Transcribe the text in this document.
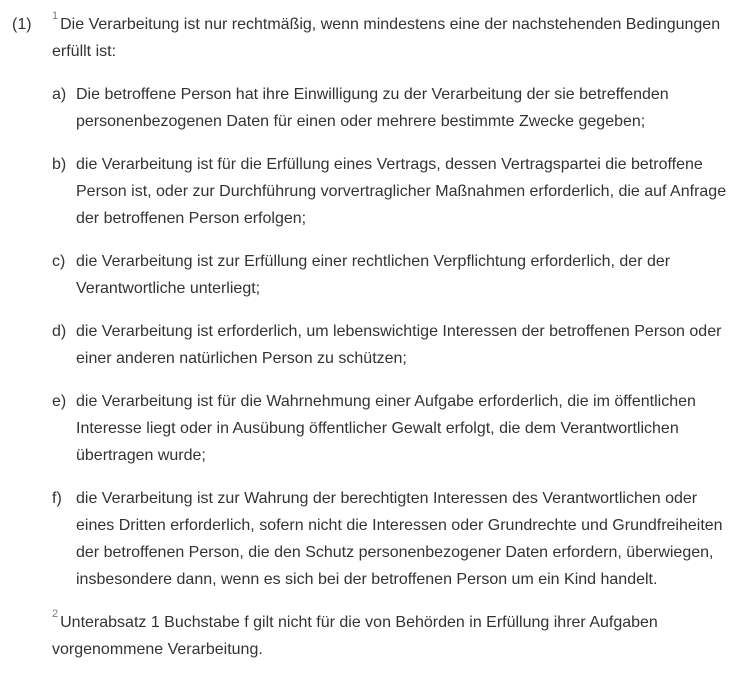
(1) $^1$ Die Verarbeitung ist nur rechtmäßig, wenn mindestens eine der nachstehenden Bedingungen erfüllt ist:

a) Die betroffene Person hat ihre Einwilligung zu der Verarbeitung der sie betreffenden personenbezogenen Daten für einen oder mehrere bestimmte Zwecke gegeben;
b) die Verarbeitung ist für die Erfüllung eines Vertrags, dessen Vertragspartei die betroffene Person ist, oder zur Durchführung vorvertraglicher Maßnahmen erforderlich, die auf Anfrage der betroffenen Person erfolgen;
c) die Verarbeitung ist zur Erfüllung einer rechtlichen Verpflichtung erforderlich, der der Verantwortliche unterliegt;
d) die Verarbeitung ist erforderlich, um lebenswichtige Interessen der betroffenen Person oder einer anderen natürlichen Person zu schützen;
e) die Verarbeitung ist für die Wahrnehmung einer Aufgabe erforderlich, die im öffentlichen Interesse liegt oder in Ausübung öffentlicher Gewalt erfolgt, die dem Verantwortlichen übertragen wurde;
f) die Verarbeitung ist zur Wahrung der berechtigten Interessen des Verantwortlichen oder eines Dritten erforderlich, sofern nicht die Interessen oder Grundrechte und Grundfreiheiten der betroffenen Person, die den Schutz personenbezogener Daten erfordern, überwiegen, insbesondere dann, wenn es sich bei der betroffenen Person um ein Kind handelt.

$^2$ Unterabsatz 1 Buchstabe f gilt nicht für die von Behörden in Erfüllung ihrer Aufgaben vorgenommene Verarbeitung.
